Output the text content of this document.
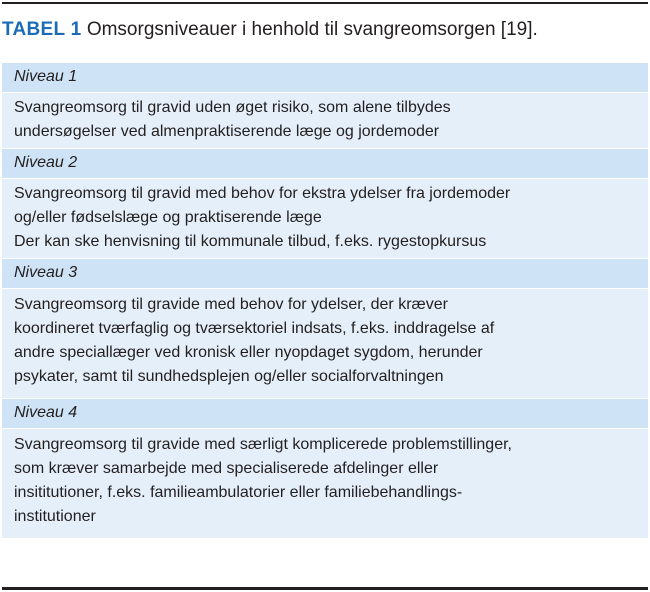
TABEL 1 Omsorgsniveauer i henhold til svangreomsorgen [19].
Niveau 1
Svangreomsorg til gravid uden øget risiko, som alene tilbydes
undersøgelser ved almenpraktiserende læge og jordemoder
Niveau 2
Svangreomsorg til gravid med behov for ekstra ydelser fra jordemoder
og/eller fødselslæge og praktiserende læge
Der kan ske henvisning til kommunale tilbud, f.eks. rygestopkursus
Niveau 3
Svangreomsorg til gravide med behov for ydelser, der kræver
koordineret tværfaglig og tværsektoriel indsats, f.eks. inddragelse af
andre speciallæger ved kronisk eller nyopdaget sygdom, herunder
psykater, samt til sundhedsplejen og/eller socialforvaltningen
Niveau 4
Svangreomsorg til gravide med særligt komplicerede problemstillinger,
som kræver samarbejde med specialiserede afdelinger eller
insititutioner, f.eks. familieambulatorier eller familiebehandlings-
institutioner
